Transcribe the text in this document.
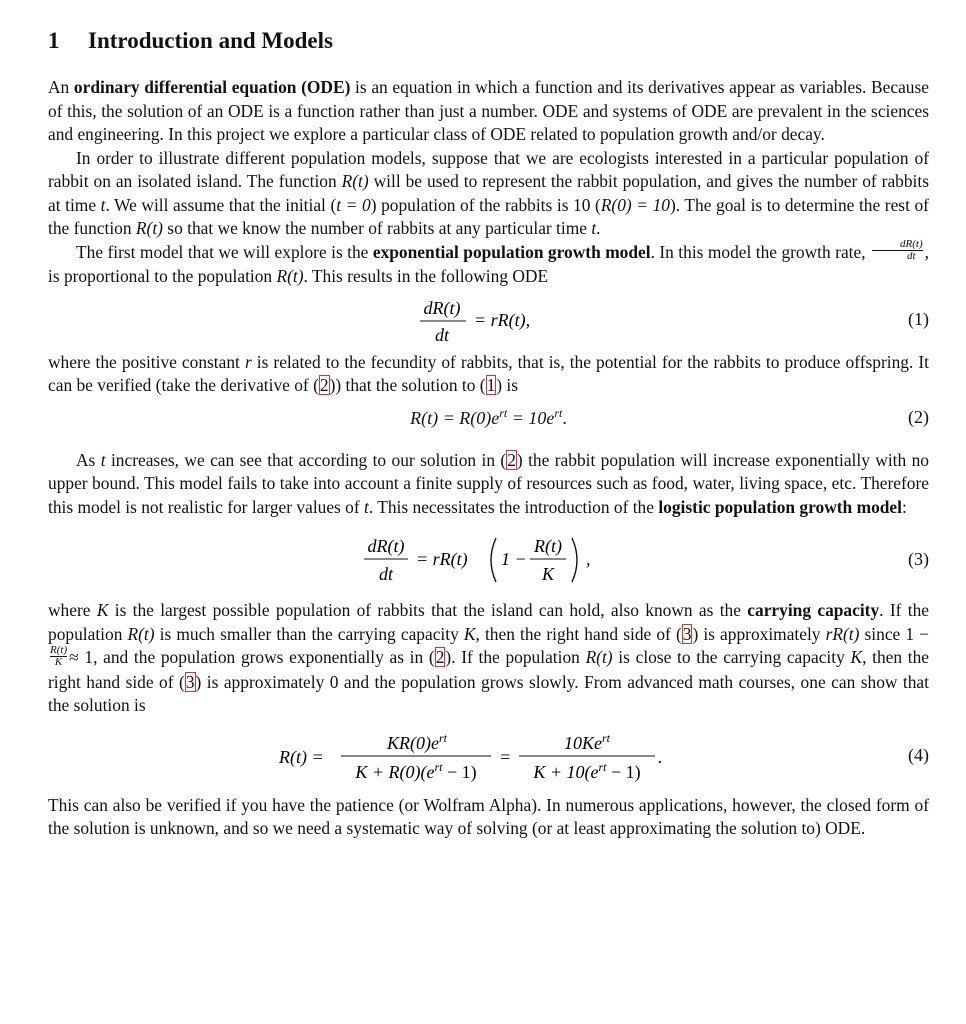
1 Introduction and Models

An ordinary differential equation (ODE) is an equation in which a function and its derivatives appear as variables. Because of this, the solution of an ODE is a function rather than just a number. ODE and systems of ODE are prevalent in the sciences and engineering. In this project we explore a particular class of ODE related to population growth and/or decay.

In order to illustrate different population models, suppose that we are ecologists interested in a particular population of rabbit on an isolated island. The function R(t) will be used to represent the rabbit population, and gives the number of rabbits at time t. We will assume that the initial (t = 0) population of the rabbits is 10 (R(0) = 10). The goal is to determine the rest of the function R(t) so that we know the number of rabbits at any particular time t.

The first model that we will explore is the exponential population growth model. In this model the growth rate, $\frac{dR(t)}{dt}$ , is proportional to the population R(t). This results in the following ODE

dR(t)
dt
= rR(t),	(1)

where the positive constant r is related to the fecundity of rabbits, that is, the potential for the rabbits to produce offspring. It can be verified (take the derivative of (2)) that the solution to (1) is

$R(t) = R(0)e^{rt} = 10e^{rt}$.	(2)

As t increases, we can see that according to our solution in (2) the rabbit population will increase exponentially with no upper bound. This model fails to take into account a finite supply of resources such as food, water, living space, etc. Therefore this model is not realistic for larger values of t. This necessitates the introduction of the logistic population growth model:

dR(t)
dt
= rR(t) 1 −
R(t)
K
,	(3)

where K is the largest possible population of rabbits that the island can hold, also known as the carrying capacity. If the population R(t) is much smaller than the carrying capacity K, then the right hand side of (3) is approximately rR(t) since 1 −
$\frac{R(t)}{K} \approx 1$, and the population grows exponentially as in (2). If the population R(t) is close to the carrying capacity K, then the right hand side of (3) is approximately 0 and the population grows slowly. From advanced math courses, one can show that the solution is

R(t) =
$KR(0)e^{rt}$
$K + R(0)(e^{rt} - 1)$
=
$10Ke^{rt}$
$K + 10(e^{rt} - 1)$
.	(4)

This can also be verified if you have the patience (or Wolfram Alpha). In numerous applications, however, the closed form of the solution is unknown, and so we need a systematic way of solving (or at least approximating the solution to) ODE.
